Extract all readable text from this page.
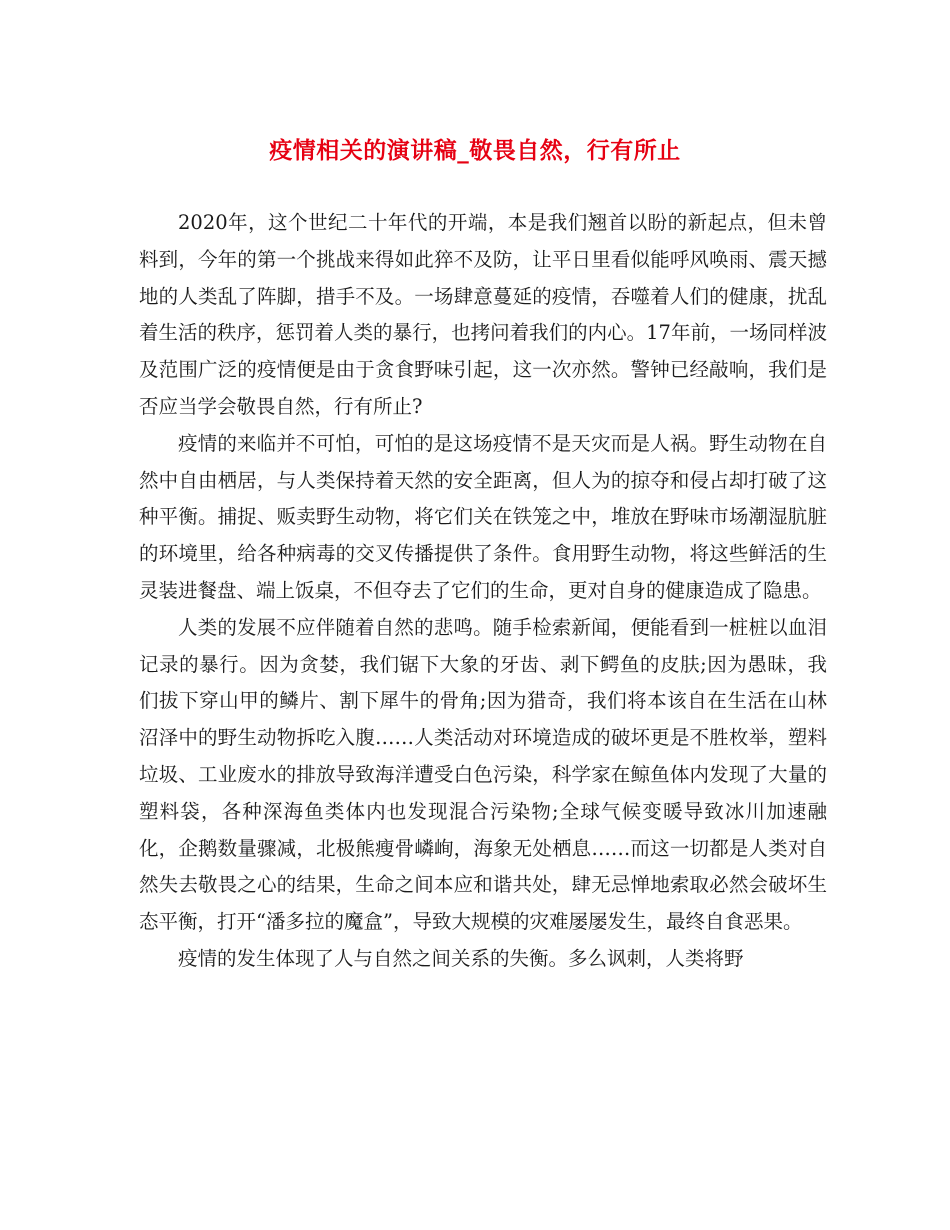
疫情相关的演讲稿_敬畏自然，行有所止

2020年，这个世纪二十年代的开端，本是我们翘首以盼的新起点，但未曾料到，今年的第一个挑战来得如此猝不及防，让平日里看似能呼风唤雨、震天撼地的人类乱了阵脚，措手不及。一场肆意蔓延的疫情，吞噬着人们的健康，扰乱着生活的秩序，惩罚着人类的暴行，也拷问着我们的内心。17年前，一场同样波及范围广泛的疫情便是由于贪食野味引起，这一次亦然。警钟已经敲响，我们是否应当学会敬畏自然，行有所止?

疫情的来临并不可怕，可怕的是这场疫情不是天灾而是人祸。野生动物在自然中自由栖居，与人类保持着天然的安全距离，但人为的掠夺和侵占却打破了这种平衡。捕捉、贩卖野生动物，将它们关在铁笼之中，堆放在野味市场潮湿肮脏的环境里，给各种病毒的交叉传播提供了条件。食用野生动物，将这些鲜活的生灵装进餐盘、端上饭桌，不但夺去了它们的生命，更对自身的健康造成了隐患。

人类的发展不应伴随着自然的悲鸣。随手检索新闻，便能看到一桩桩以血泪记录的暴行。因为贪婪，我们锯下大象的牙齿、剥下鳄鱼的皮肤;因为愚昧，我们拔下穿山甲的鳞片、割下犀牛的骨角;因为猎奇，我们将本该自在生活在山林沼泽中的野生动物拆吃入腹……人类活动对环境造成的破坏更是不胜枚举，塑料垃圾、工业废水的排放导致海洋遭受白色污染，科学家在鲸鱼体内发现了大量的塑料袋，各种深海鱼类体内也发现混合污染物;全球气候变暖导致冰川加速融化，企鹅数量骤减，北极熊瘦骨嶙峋，海象无处栖息……而这一切都是人类对自然失去敬畏之心的结果，生命之间本应和谐共处，肆无忌惮地索取必然会破坏生态平衡，打开“潘多拉的魔盒”，导致大规模的灾难屡屡发生，最终自食恶果。

疫情的发生体现了人与自然之间关系的失衡。多么讽刺，人类将野
